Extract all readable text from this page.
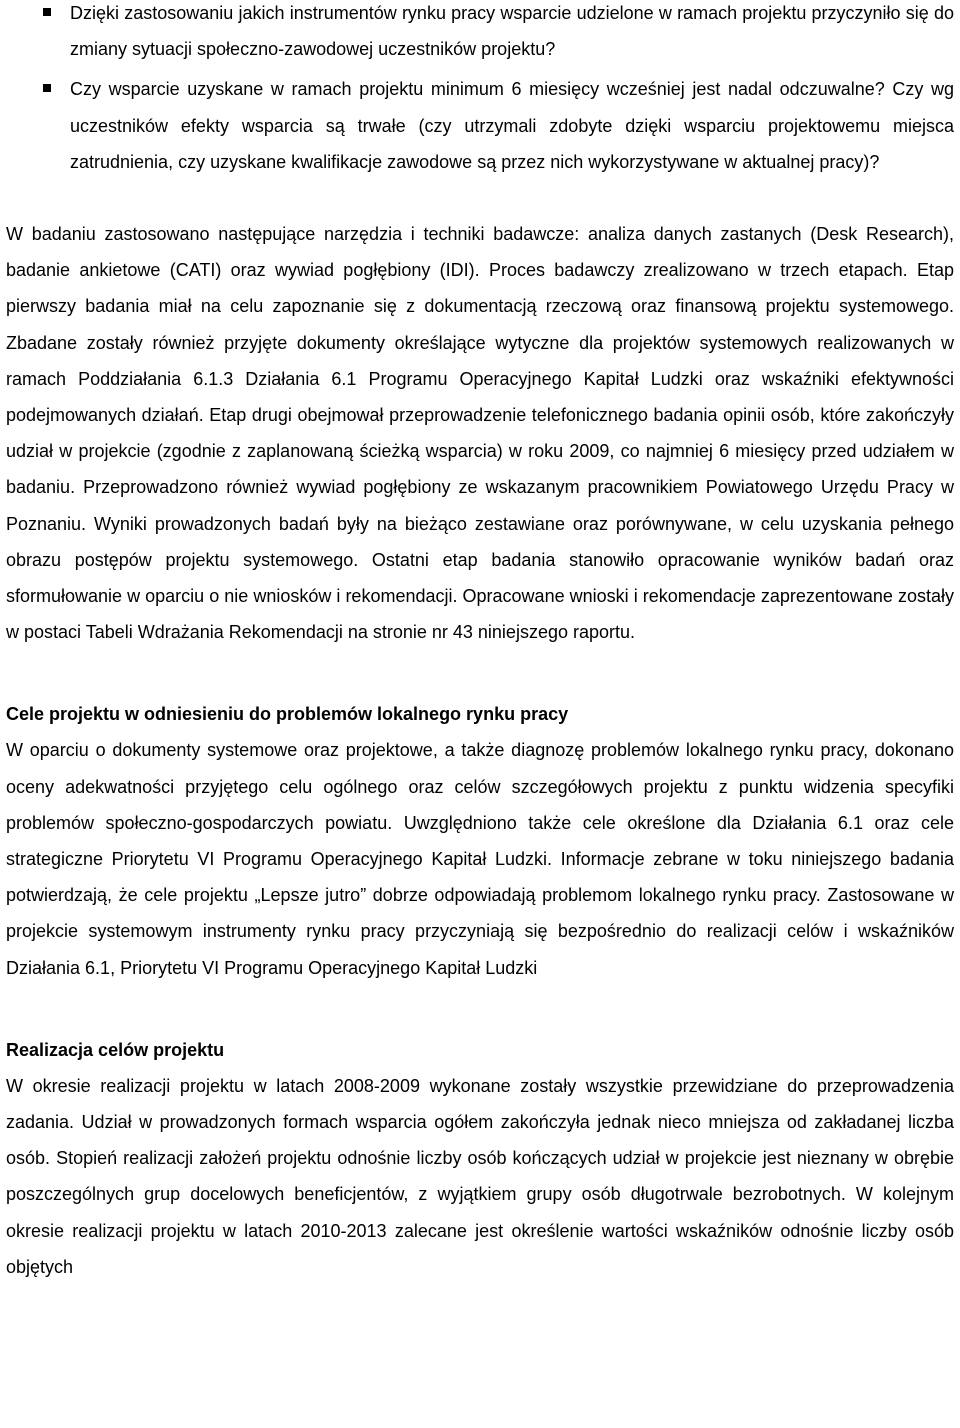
Dzięki zastosowaniu jakich instrumentów rynku pracy wsparcie udzielone w ramach projektu przyczyniło się do zmiany sytuacji społeczno-zawodowej uczestników projektu?
Czy wsparcie uzyskane w ramach projektu minimum 6 miesięcy wcześniej jest nadal odczuwalne? Czy wg uczestników efekty wsparcia są trwałe (czy utrzymali zdobyte dzięki wsparciu projektowemu miejsca zatrudnienia, czy uzyskane kwalifikacje zawodowe są przez nich wykorzystywane w aktualnej pracy)?

W badaniu zastosowano następujące narzędzia i techniki badawcze: analiza danych zastanych (Desk Research), badanie ankietowe (CATI) oraz wywiad pogłębiony (IDI). Proces badawczy zrealizowano w trzech etapach. Etap pierwszy badania miał na celu zapoznanie się z dokumentacją rzeczową oraz finansową projektu systemowego. Zbadane zostały również przyjęte dokumenty określające wytyczne dla projektów systemowych realizowanych w ramach Poddziałania 6.1.3 Działania 6.1 Programu Operacyjnego Kapitał Ludzki oraz wskaźniki efektywności podejmowanych działań. Etap drugi obejmował przeprowadzenie telefonicznego badania opinii osób, które zakończyły udział w projekcie (zgodnie z zaplanowaną ścieżką wsparcia) w roku 2009, co najmniej 6 miesięcy przed udziałem w badaniu. Przeprowadzono również wywiad pogłębiony ze wskazanym pracownikiem Powiatowego Urzędu Pracy w Poznaniu. Wyniki prowadzonych badań były na bieżąco zestawiane oraz porównywane, w celu uzyskania pełnego obrazu postępów projektu systemowego. Ostatni etap badania stanowiło opracowanie wyników badań oraz sformułowanie w oparciu o nie wniosków i rekomendacji. Opracowane wnioski i rekomendacje zaprezentowane zostały w postaci Tabeli Wdrażania Rekomendacji na stronie nr 43 niniejszego raportu.

Cele projektu w odniesieniu do problemów lokalnego rynku pracy

W oparciu o dokumenty systemowe oraz projektowe, a także diagnozę problemów lokalnego rynku pracy, dokonano oceny adekwatności przyjętego celu ogólnego oraz celów szczegółowych projektu z punktu widzenia specyfiki problemów społeczno-gospodarczych powiatu. Uwzględniono także cele określone dla Działania 6.1 oraz cele strategiczne Priorytetu VI Programu Operacyjnego Kapitał Ludzki. Informacje zebrane w toku niniejszego badania potwierdzają, że cele projektu „Lepsze jutro” dobrze odpowiadają problemom lokalnego rynku pracy. Zastosowane w projekcie systemowym instrumenty rynku pracy przyczyniają się bezpośrednio do realizacji celów i wskaźników Działania 6.1, Priorytetu VI Programu Operacyjnego Kapitał Ludzki

Realizacja celów projektu

W okresie realizacji projektu w latach 2008-2009 wykonane zostały wszystkie przewidziane do przeprowadzenia zadania. Udział w prowadzonych formach wsparcia ogółem zakończyła jednak nieco mniejsza od zakładanej liczba osób. Stopień realizacji założeń projektu odnośnie liczby osób kończących udział w projekcie jest nieznany w obrębie poszczególnych grup docelowych beneficjentów, z wyjątkiem grupy osób długotrwale bezrobotnych. W kolejnym okresie realizacji projektu w latach 2010-2013 zalecane jest określenie wartości wskaźników odnośnie liczby osób objętych
